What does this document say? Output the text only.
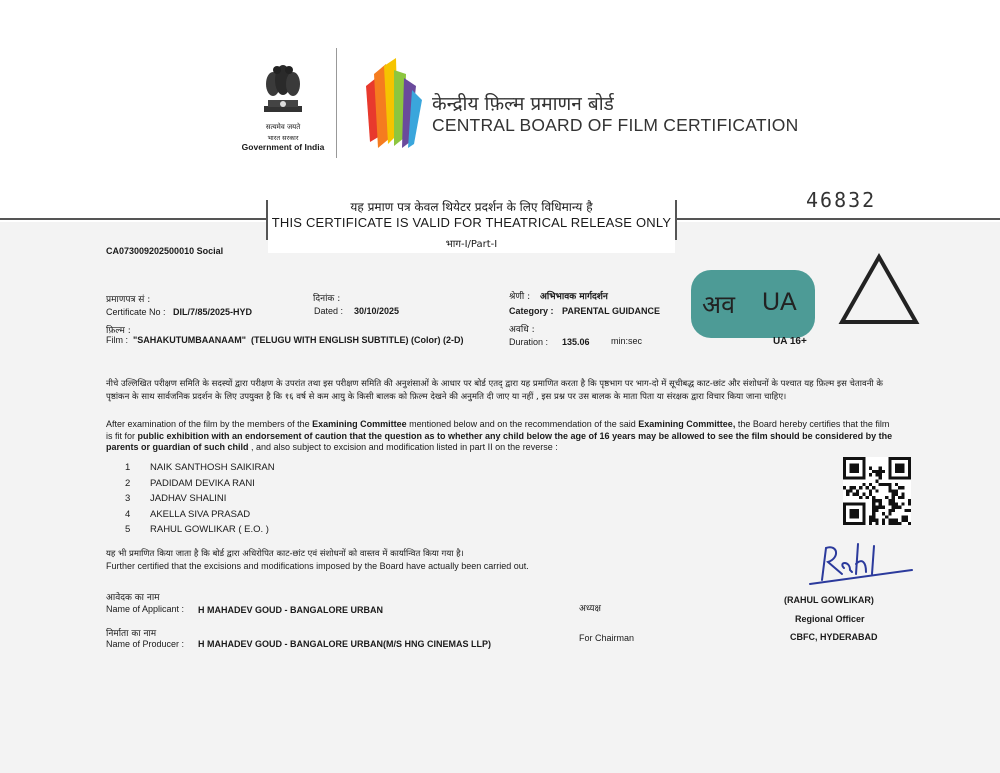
सत्यमेव जयते
भारत सरकार
Government of India
केन्द्रीय फ़िल्म प्रमाणन बोर्ड
CENTRAL BOARD OF FILM CERTIFICATION
46832
यह प्रमाण पत्र केवल थियेटर प्रदर्शन के लिए विधिमान्य है
THIS CERTIFICATE IS VALID FOR THEATRICAL RELEASE ONLY
भाग-I/Part-I
CA073009202500010 Social
प्रमाणपत्र सं :
Certificate No : DIL/7/85/2025-HYD
दिनांक :
Dated : 30/10/2025
श्रेणी : अभिभावक मार्गदर्शन
Category : PARENTAL GUIDANCE
फ़िल्म :
Film : "SAHAKUTUMBAANAAM"  (TELUGU WITH ENGLISH SUBTITLE) (Color) (2-D)
अवधि :
Duration : 135.06 min:sec
अव UA
UA 16+
नीचे उल्लिखित परीक्षण समिति के सदस्यों द्वारा परीक्षण के उपरांत तथा इस परीक्षण समिति की अनुशंसाओं के आधार पर बोर्ड एतद् द्वारा यह प्रमाणित करता है कि पृष्ठभाग पर भाग-दो में सूचीबद्ध काट-छांट और संशोधनों के पश्चात यह फ़िल्म इस चेतावनी के पृष्ठांकन के साथ सार्वजनिक प्रदर्शन के लिए उपयुक्त है कि १६ वर्ष से कम आयु के किसी बालक को फ़िल्म देखने की अनुमति दी जाए या नहीं , इस प्रश्न पर उस बालक के माता पिता या संरक्षक द्वारा विचार किया जाना चाहिए।
After examination of the film by the members of the Examining Committee mentioned below and on the recommendation of the said Examining Committee, the Board hereby certifies that the film is fit for public exhibition with an endorsement of caution that the question as to whether any child below the age of 16 years may be allowed to see the film should be considered by the parents or guardian of such child , and also subject to excision and modification listed in part II on the reverse :
1 NAIK SANTHOSH SAIKIRAN
2 PADIDAM DEVIKA RANI
3 JADHAV SHALINI
4 AKELLA SIVA PRASAD
5 RAHUL GOWLIKAR ( E.O. )
यह भी प्रमाणित किया जाता है कि बोर्ड द्वारा अधिरोपित काट-छांट एवं संशोधनों को वास्तव में कार्यान्वित किया गया है।
Further certified that the excisions and modifications imposed by the Board have actually been carried out.
आवेदक का नाम
Name of Applicant : H MAHADEV GOUD - BANGALORE URBAN
निर्माता का नाम
Name of Producer : H MAHADEV GOUD - BANGALORE URBAN(M/S HNG CINEMAS LLP)
अध्यक्ष
For Chairman
(RAHUL GOWLIKAR)
Regional Officer
CBFC, HYDERABAD
